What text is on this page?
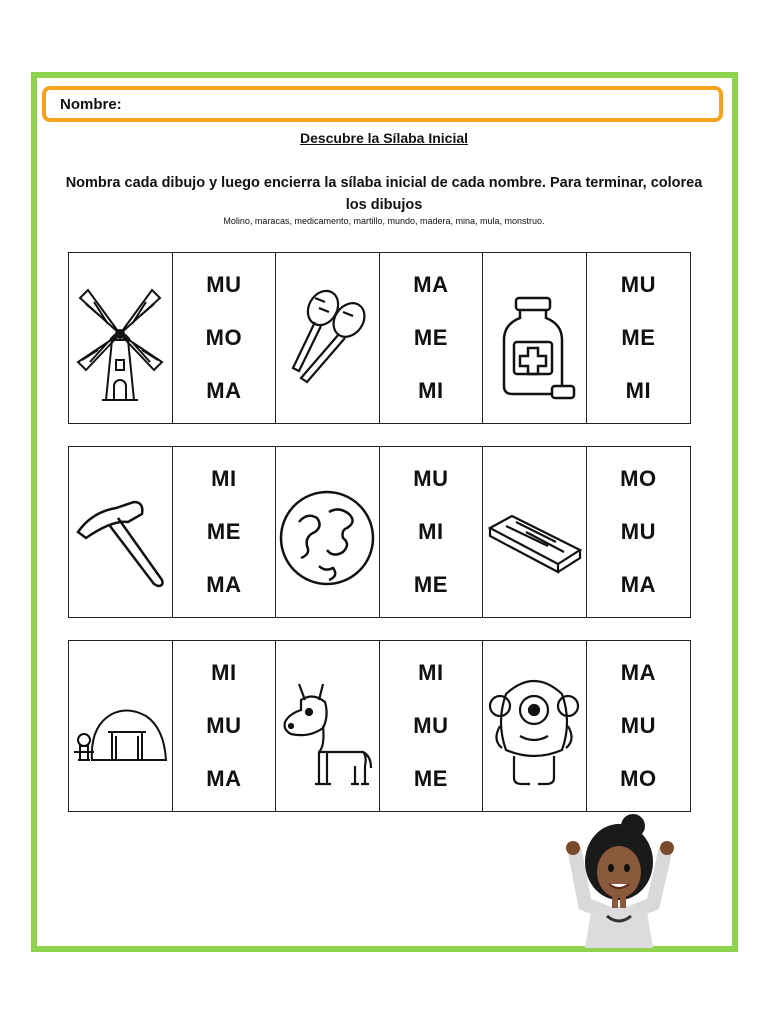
Nombre:
Descubre la Sílaba Inicial
Nombra cada dibujo y luego encierra la sílaba inicial de cada nombre. Para terminar, colorea los dibujos
Molino, maracas, medicamento, martillo, mundo, madera, mina, mula, monstruo.
MU
MO
MA
MA
ME
MI
MU
ME
MI
MI
ME
MA
MU
MI
ME
MO
MU
MA
MI
MU
MA
MI
MU
ME
MA
MU
MO
